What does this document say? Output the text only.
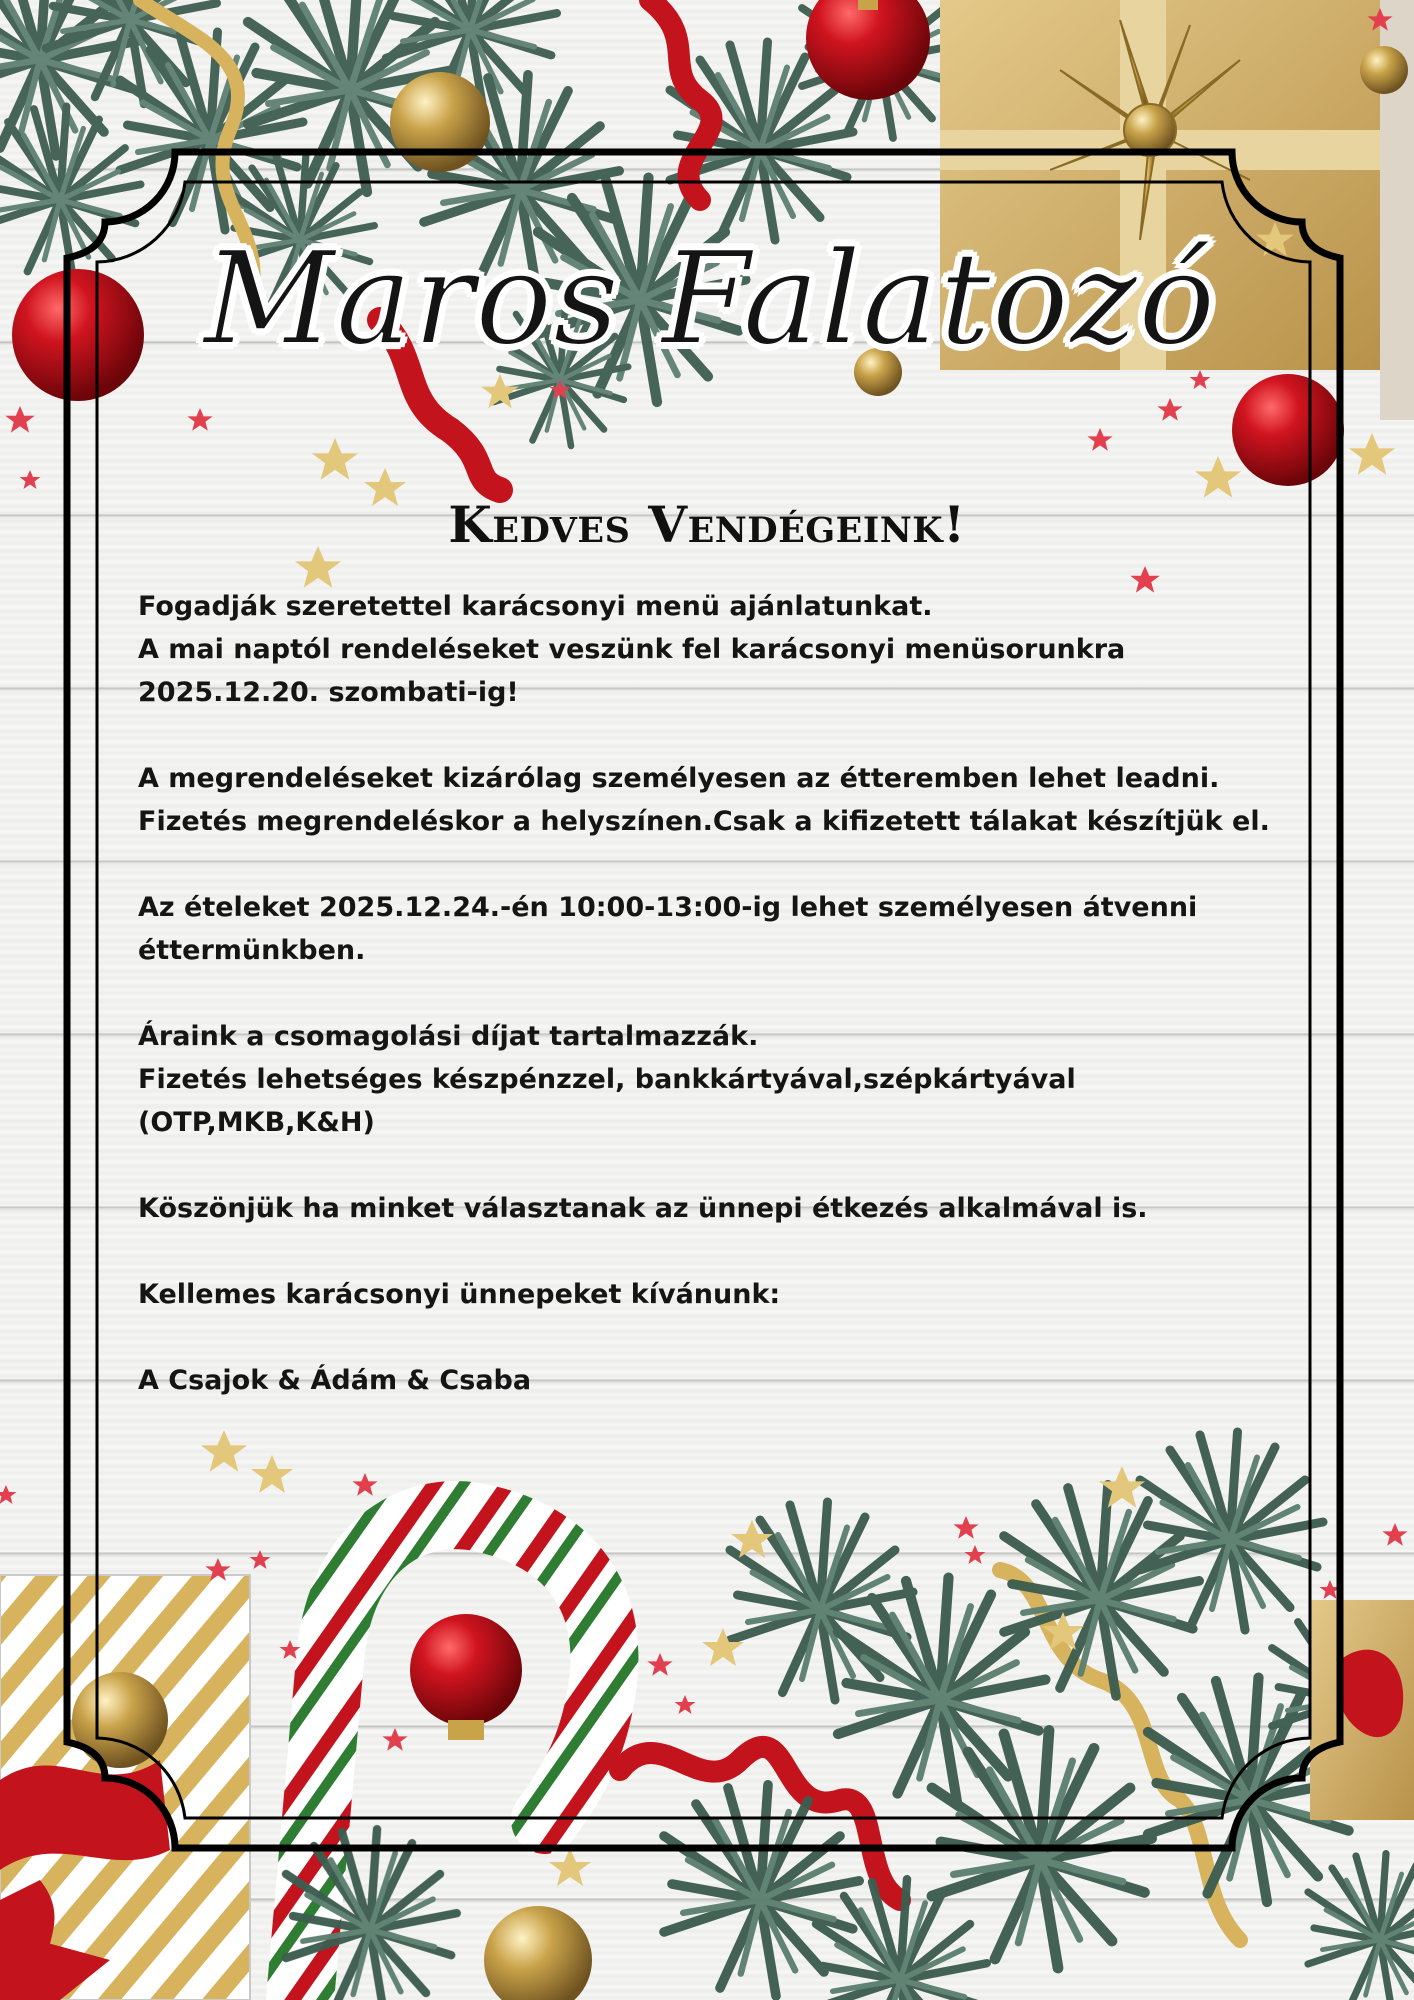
Maros Falatozó
Kedves Vendégeink!

Fogadják szeretettel karácsonyi menü ajánlatunkat.
A mai naptól rendeléseket veszünk fel karácsonyi menüsorunkra
2025.12.20. szombati-ig!

A megrendeléseket kizárólag személyesen az étteremben lehet leadni.
Fizetés megrendeléskor a helyszínen.Csak a kifizetett tálakat készítjük el.

Az ételeket 2025.12.24.-én 10:00-13:00-ig lehet személyesen átvenni
éttermünkben.

Áraink a csomagolási díjat tartalmazzák.
Fizetés lehetséges készpénzzel, bankkártyával,szépkártyával
(OTP,MKB,K&H)

Köszönjük ha minket választanak az ünnepi étkezés alkalmával is.

Kellemes karácsonyi ünnepeket kívánunk:

A Csajok & Ádám & Csaba
